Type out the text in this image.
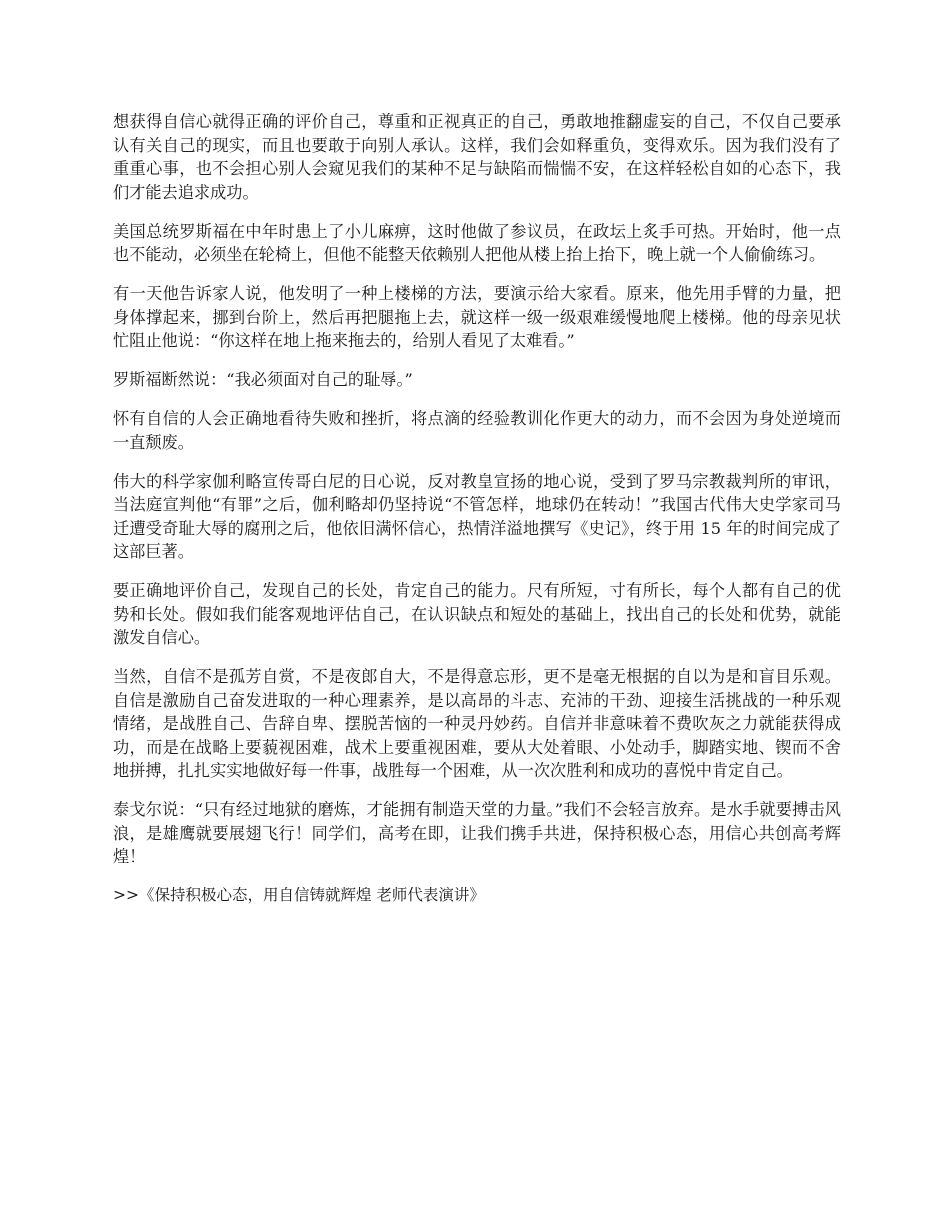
想获得自信心就得正确的评价自己，尊重和正视真正的自己，勇敢地推翻虚妄的自己，不仅自己要承认有关自己的现实，而且也要敢于向别人承认。这样，我们会如释重负，变得欢乐。因为我们没有了重重心事，也不会担心别人会窥见我们的某种不足与缺陷而惴惴不安，在这样轻松自如的心态下，我们才能去追求成功。

美国总统罗斯福在中年时患上了小儿麻痹，这时他做了参议员，在政坛上炙手可热。开始时，他一点也不能动，必须坐在轮椅上，但他不能整天依赖别人把他从楼上抬上抬下，晚上就一个人偷偷练习。

有一天他告诉家人说，他发明了一种上楼梯的方法，要演示给大家看。原来，他先用手臂的力量，把身体撑起来，挪到台阶上，然后再把腿拖上去，就这样一级一级艰难缓慢地爬上楼梯。他的母亲见状忙阻止他说：“你这样在地上拖来拖去的，给别人看见了太难看。”

罗斯福断然说：“我必须面对自己的耻辱。”

怀有自信的人会正确地看待失败和挫折，将点滴的经验教训化作更大的动力，而不会因为身处逆境而一直颓废。

伟大的科学家伽利略宣传哥白尼的日心说，反对教皇宣扬的地心说，受到了罗马宗教裁判所的审讯，当法庭宣判他“有罪”之后，伽利略却仍坚持说“不管怎样，地球仍在转动！”我国古代伟大史学家司马迁遭受奇耻大辱的腐刑之后，他依旧满怀信心，热情洋溢地撰写《史记》，终于用 15 年的时间完成了这部巨著。

要正确地评价自己，发现自己的长处，肯定自己的能力。尺有所短，寸有所长，每个人都有自己的优势和长处。假如我们能客观地评估自己，在认识缺点和短处的基础上，找出自己的长处和优势，就能激发自信心。

当然，自信不是孤芳自赏，不是夜郎自大，不是得意忘形，更不是毫无根据的自以为是和盲目乐观。自信是激励自己奋发进取的一种心理素养，是以高昂的斗志、充沛的干劲、迎接生活挑战的一种乐观情绪，是战胜自己、告辞自卑、摆脱苦恼的一种灵丹妙药。自信并非意味着不费吹灰之力就能获得成功，而是在战略上要藐视困难，战术上要重视困难，要从大处着眼、小处动手，脚踏实地、锲而不舍地拼搏，扎扎实实地做好每一件事，战胜每一个困难，从一次次胜利和成功的喜悦中肯定自己。

泰戈尔说：“只有经过地狱的磨炼，才能拥有制造天堂的力量。”我们不会轻言放弃。是水手就要搏击风浪，是雄鹰就要展翅飞行！同学们，高考在即，让我们携手共进，保持积极心态，用信心共创高考辉煌！

>>《保持积极心态，用自信铸就辉煌 老师代表演讲》
